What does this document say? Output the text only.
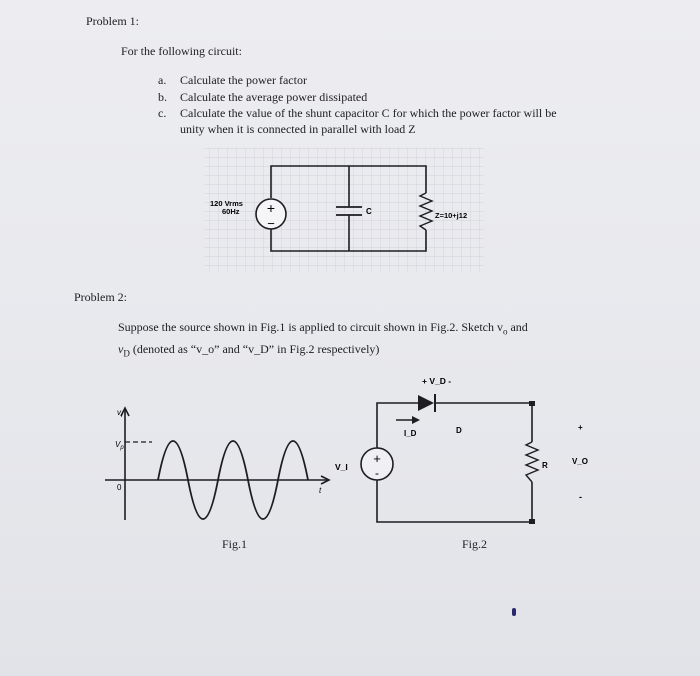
Problem 1:
For the following circuit:
a. Calculate the power factor
b. Calculate the average power dissipated
c. Calculate the value of the shunt capacitor C for which the power factor will be
unity when it is connected in parallel with load Z
+
−
120 Vrms
60Hz	C	Z=10+j12
Problem 2:
Suppose the source shown in Fig.1 is applied to circuit shown in Fig.2. Sketch $v_o$ and
$v_D$ (denoted as “v_o” and “v_D” in Fig.2 respectively)
$v_I$
$V_p$
0	t
Fig.1
+ V_D -
I_D	D
+
-
V_I	R
+
V_O
-
Fig.2
